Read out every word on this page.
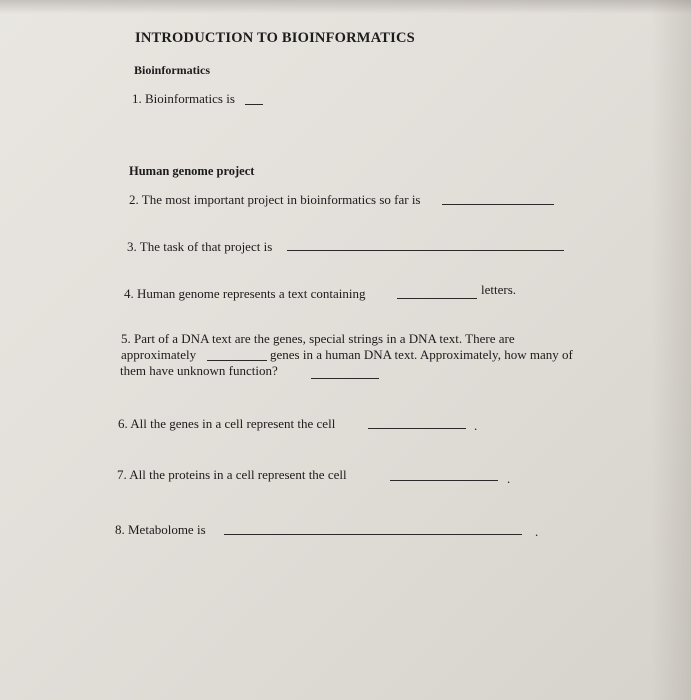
INTRODUCTION TO BIOINFORMATICS
Bioinformatics
1. Bioinformatics is
Human genome project
2. The most important project in bioinformatics so far is
3. The task of that project is
4. Human genome represents a text containing	letters.
5. Part of a DNA text are the genes, special strings in a DNA text. There are
approximately	genes in a human DNA text. Approximately, how many of
them have unknown function?
6. All the genes in a cell represent the cell	.
7. All the proteins in a cell represent the cell	.
8. Metabolome is	.
